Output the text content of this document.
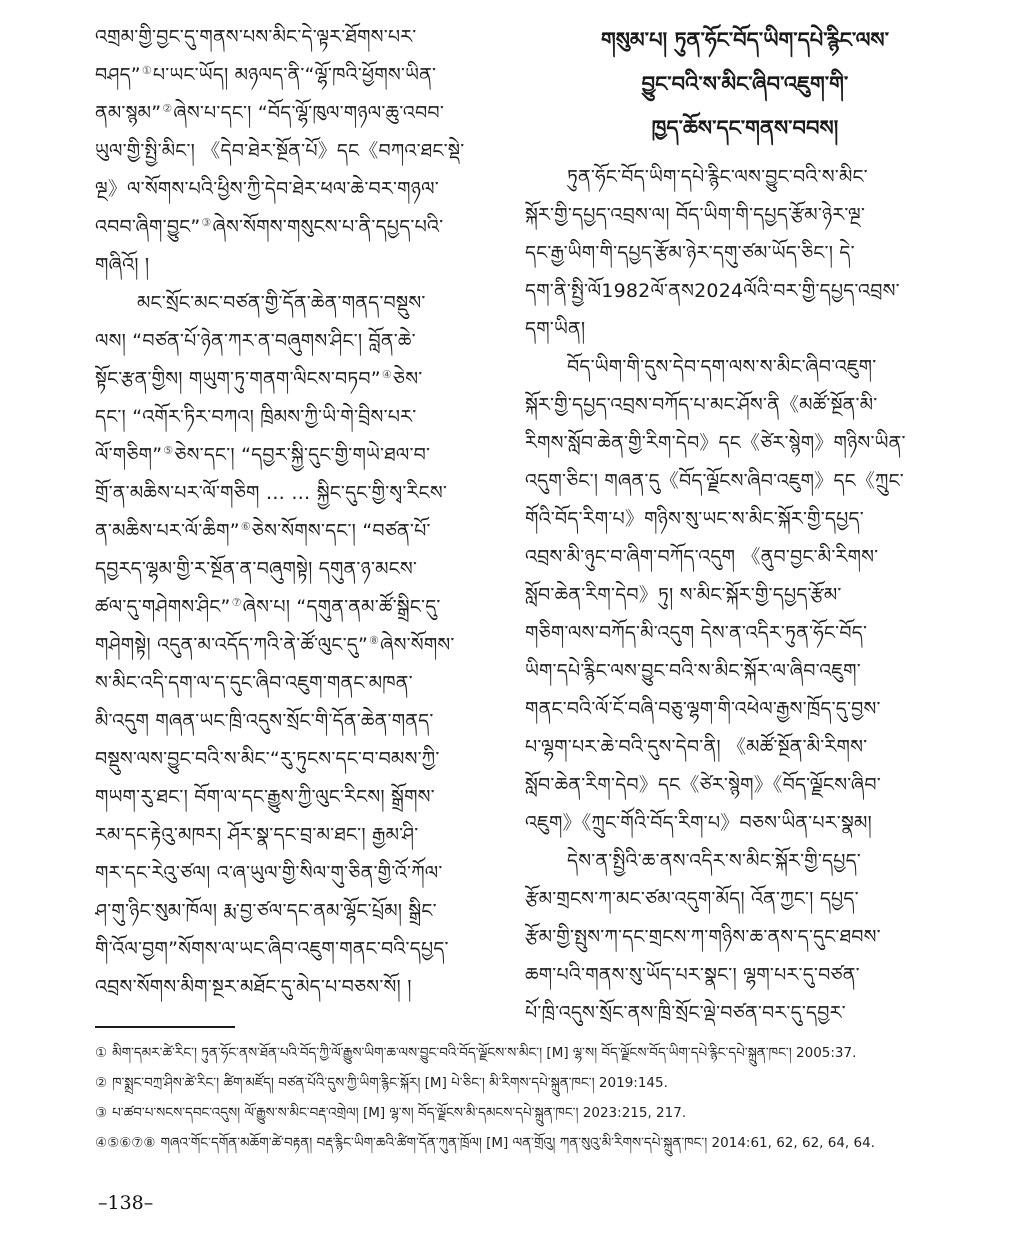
འགྲམ་གྱི་བྱང་དུ་གནས་པས་མིང་དེ་ལྟར་ཐོགས་པར་
བཤད”①པ་ཡང་ཡོད། མཉལད་ནི་“ལྷོ་ཁའི་ཕྱོགས་ཡིན་
ནམ་སྙམ”②ཞེས་པ་དང་། “བོད་ལྷོ་ཁུལ་གཉལ་ཆུ་འབབ་
ཡུལ་གྱི་སྤྱི་མིང་། 《དེབ་ཐེར་སྔོན་པོ》དང《བཀའ་ཐང་སྡེ་
ལྔ》ལ་སོགས་པའི་ཕྱིས་ཀྱི་དེབ་ཐེར་ཕལ་ཆེ་བར་གཉལ་
འབབ་ཞིག་བྱུང”③ཞེས་སོགས་གསུངས་པ་ནི་དཔྱད་པའི་
གཞིའོ། །
མང་སྲོང་མང་བཙན་གྱི་དོན་ཆེན་གནད་བསྡུས་
ལས། “བཙན་པོ་ཉེན་ཀར་ན་བཞུགས་ཤིང་། བློན་ཆེ་
སྟོང་རྩན་གྱིས། གཡུག་ཏུ་གནག་ལིངས་བཏབ”④ཅེས་
དང་། “འགོར་ཏིར་བཀའ། ཁྲིམས་ཀྱི་ཡི་གེ་བྲིས་པར་
ལོ་གཅིག”⑤ཅེས་དང་། “དབྱར་སྐྱི་དུང་གྱི་གཡེ་ཐལ་བ་
གྲོ་ན་མཆིས་པར་ལོ་གཅིག … … སྐྱིང་དུང་གྱི་སྭ་རིངས་
ན་མཆིས་པར་ལོ་ཆིག”⑥ཅེས་སོགས་དང་། “བཙན་པོ་
དབྱརད་ལྷམ་གྱི་ར་སྔོན་ན་བཞུགསྟེ། དགུན་ཉ་མངས་
ཚལ་དུ་གཤེགས་ཤིང”⑦ཞེས་པ། “དགུན་ནམ་ཚོ་སྒྲིང་དུ་
གཤེགསྟེ། འདུན་མ་འདོད་ཀའི་ནེ་ཚོ་ལུང་དུ”⑧ཞེས་སོགས་
ས་མིང་འདི་དག་ལ་ད་དུང་ཞིབ་འཇུག་གནང་མཁན་
མི་འདུག གཞན་ཡང་ཁྲི་འདུས་སྲོང་གི་དོན་ཆེན་གནད་
བསྡུས་ལས་བྱུང་བའི་ས་མིང་“རུ་ཏུངས་དང་བ་བམས་ཀྱི་
གཡག་རུ་ཐང་། བོག་ལ་དང་རྒྱུས་ཀྱི་ལུང་རིངས། སྒྲོགས་
རམ་དང་རྟེའུ་མཁར། ཤོར་སྣ་དང་བྲ་མ་ཐང་། རྒྱམ་ཤི་
གར་དང་རེའུ་ཙལ། འ་ཞ་ཡུལ་གྱི་སིལ་གུ་ཅིན་གྱི་འོ་ཀོལ་
ཤ་གུ་ཉིང་སུམ་ཁོལ། རྨ་བྱ་ཙལ་དང་ནམ་ལྷོང་པྲོམ། སྒྲིང་
གི་འོལ་བྱག”སོགས་ལ་ཡང་ཞིབ་འཇུག་གནང་བའི་དཔྱད་
འབྲས་སོགས་མིག་སྔར་མཐོང་དུ་མེད་པ་བཅས་སོ། །
གསུམ་པ། ཏུན་ཧོང་བོད་ཡིག་དཔེ་རྙིང་ལས་
བྱུང་བའི་ས་མིང་ཞིབ་འཇུག་གི་
ཁྱད་ཆོས་དང་གནས་བབས།
ཏུན་ཧོང་བོད་ཡིག་དཔེ་རྙིང་ལས་བྱུང་བའི་ས་མིང་
སྐོར་གྱི་དཔྱད་འབྲས་ལ། བོད་ཡིག་གི་དཔྱད་རྩོམ་ཉེར་ལྔ་
དང་རྒྱ་ཡིག་གི་དཔྱད་རྩོམ་ཉེར་དགུ་ཙམ་ཡོད་ཅིང་། དེ་
དག་ནི་སྤྱི་ལོ1982ལོ་ནས2024ལོའི་བར་གྱི་དཔྱད་འབྲས་
དག་ཡིན།
བོད་ཡིག་གི་དུས་དེབ་དག་ལས་ས་མིང་ཞིབ་འཇུག་
སྐོར་གྱི་དཔྱད་འབྲས་བཀོད་པ་མང་ཤོས་ནི《མཚོ་སྔོན་མི་
རིགས་སློབ་ཆེན་གྱི་རིག་དེབ》དང《ཙེར་སྙེག》གཉིས་ཡིན་
འདུག་ཅིང་། གཞན་དུ《བོད་ལྗོངས་ཞིབ་འཇུག》དང《ཀྲུང་
གོའི་བོད་རིག་པ》གཉིས་སུ་ཡང་ས་མིང་སྐོར་གྱི་དཔྱད་
འབྲས་མི་ཉུང་བ་ཞིག་བཀོད་འདུག 《ནུབ་བྱང་མི་རིགས་
སློབ་ཆེན་རིག་དེབ》ཏུ། ས་མིང་སྐོར་གྱི་དཔྱད་རྩོམ་
གཅིག་ལས་བཀོད་མི་འདུག དེས་ན་འདིར་ཏུན་ཧོང་བོད་
ཡིག་དཔེ་རྙིང་ལས་བྱུང་བའི་ས་མིང་སྐོར་ལ་ཞིབ་འཇུག་
གནང་བའི་ལོ་ངོ་བཞི་བཅུ་ལྷག་གི་འཕེལ་རྒྱས་ཁྲོད་དུ་བྱས་
པ་ལྷག་པར་ཆེ་བའི་དུས་དེབ་ནི། 《མཚོ་སྔོན་མི་རིགས་
སློབ་ཆེན་རིག་དེབ》དང《ཙེར་སྙེག》《བོད་ལྗོངས་ཞིབ་
འཇུག》《ཀྲུང་གོའི་བོད་རིག་པ》བཅས་ཡིན་པར་སྣམ།
དེས་ན་སྤྱིའི་ཆ་ནས་འདིར་ས་མིང་སྐོར་གྱི་དཔྱད་
རྩོམ་གྲངས་ཀ་མང་ཙམ་འདུག་མོད། འོན་ཀྱང་། དཔྱད་
རྩོམ་གྱི་སྤུས་ཀ་དང་གྲངས་ཀ་གཉིས་ཆ་ནས་ད་དུང་ཐབས་
ཆག་པའི་གནས་སུ་ཡོད་པར་སྣང་། ལྷག་པར་དུ་བཙན་
པོ་ཁྲི་འདུས་སྲོང་ནས་ཁྲི་སྲོང་ལྡེ་བཙན་བར་དུ་དབྱར་
① མིག་དམར་ཚེ་རིང་། ཏུན་ཧོང་ནས་ཐོན་པའི་བོད་ཀྱི་ལོ་རྒྱུས་ཡིག་ཆ་ལས་བྱུང་བའི་བོད་ལྗོངས་ས་མིང་། [M] ལྷ་ས། བོད་ལྗོངས་བོད་ཡིག་དཔེ་རྙིང་དཔེ་སྐྲུན་ཁང་། 2005:37.
② ཁ་སྨྲང་བཀྲ་ཤིས་ཚེ་རིང་། ཚིག་མཛོད། བཙན་པོའི་དུས་ཀྱི་ཡིག་རྙིང་སྐོར། [M] པེ་ཅིང་། མི་རིགས་དཔེ་སྐྲུན་ཁང་། 2019:145.
③ པ་ཚབ་པ་སངས་དབང་འདུས། ལོ་རྒྱུས་ས་མིང་བརྡ་འགྲེལ། [M] ལྷ་ས། བོད་ལྗོངས་མི་དམངས་དཔེ་སྐྲུན་ཁང་། 2023:215, 217.
④⑤⑥⑦⑧ གཞའ་གོང་དགོན་མཆོག་ཚེ་བརྟན། བརྡ་རྙིང་ཡིག་ཆའི་ཚིག་དོན་ཀུན་ཁྲོལ། [M] ལན་གྲོའུ། ཀན་སུའུ་མི་རིགས་དཔེ་སྐྲུན་ཁང་། 2014:61, 62, 62, 64, 64.
–138–
